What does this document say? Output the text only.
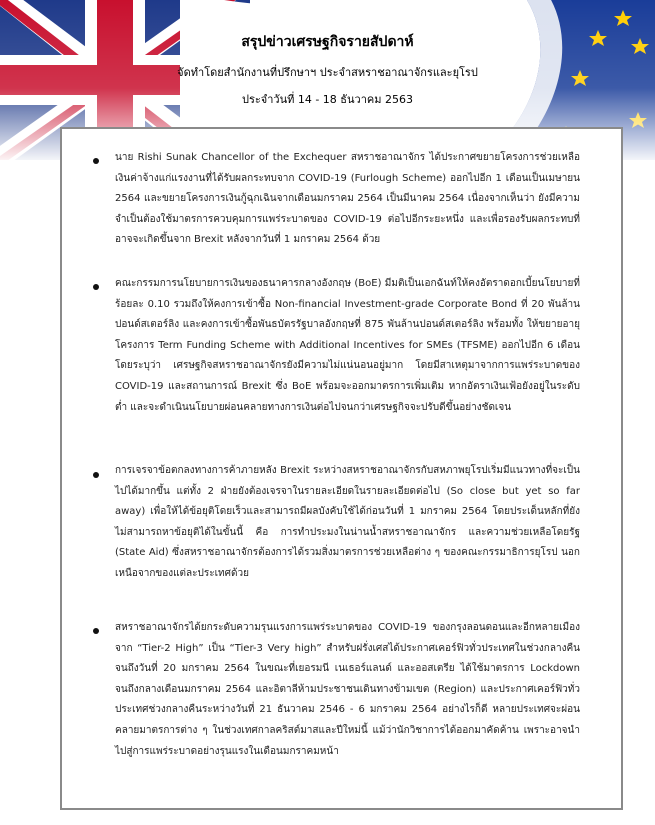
สรุปข่าวเศรษฐกิจรายสัปดาห์
จัดทำโดยสำนักงานที่ปรึกษาฯ ประจำสหราชอาณาจักรและยุโรป
ประจำวันที่ 14 - 18 ธันวาคม 2563

นาย Rishi Sunak Chancellor of the Exchequer สหราชอาณาจักร ได้ประกาศขยายโครงการช่วยเหลือเงินค่าจ้างแก่แรงงานที่ได้รับผลกระทบจาก COVID-19 (Furlough Scheme) ออกไปอีก 1 เดือนเป็นเมษายน 2564 และขยายโครงการเงินกู้ฉุกเฉินจากเดือนมกราคม 2564 เป็นมีนาคม 2564 เนื่องจากเห็นว่า ยังมีความจำเป็นต้องใช้มาตรการควบคุมการแพร่ระบาดของ COVID-19 ต่อไปอีกระยะหนึ่ง และเพื่อรองรับผลกระทบที่อาจจะเกิดขึ้นจาก Brexit หลังจากวันที่ 1 มกราคม 2564 ด้วย

คณะกรรมการนโยบายการเงินของธนาคารกลางอังกฤษ (BoE) มีมติเป็นเอกฉันท์ให้คงอัตราดอกเบี้ยนโยบายที่ร้อยละ 0.10 รวมถึงให้คงการเข้าซื้อ Non-financial Investment-grade Corporate Bond ที่ 20 พันล้านปอนด์สเตอร์ลิง และคงการเข้าซื้อพันธบัตรรัฐบาลอังกฤษที่ 875 พันล้านปอนด์สเตอร์ลิง พร้อมทั้ง ให้ขยายอายุโครงการ Term Funding Scheme with Additional Incentives for SMEs (TFSME) ออกไปอีก 6 เดือน โดยระบุว่า เศรษฐกิจสหราชอาณาจักรยังมีความไม่แน่นอนอยู่มาก โดยมีสาเหตุมาจากการแพร่ระบาดของ COVID-19 และสถานการณ์ Brexit ซึ่ง BoE พร้อมจะออกมาตรการเพิ่มเติม หากอัตราเงินเฟ้อยังอยู่ในระดับต่ำ และจะดำเนินนโยบายผ่อนคลายทางการเงินต่อไปจนกว่าเศรษฐกิจจะปรับดีขึ้นอย่างชัดเจน

การเจรจาข้อตกลงทางการค้าภายหลัง Brexit ระหว่างสหราชอาณาจักรกับสหภาพยุโรปเริ่มมีแนวทางที่จะเป็นไปได้มากขึ้น แต่ทั้ง 2 ฝ่ายยังต้องเจรจาในรายละเอียดในรายละเอียดต่อไป (So close but yet so far away) เพื่อให้ได้ข้อยุติโดยเร็วและสามารถมีผลบังคับใช้ได้ก่อนวันที่ 1 มกราคม 2564 โดยประเด็นหลักที่ยังไม่สามารถหาข้อยุติได้ในขั้นนี้ คือ การทำประมงในน่านน้ำสหราชอาณาจักร และความช่วยเหลือโดยรัฐ (State Aid) ซึ่งสหราชอาณาจักรต้องการได้รวมสิ่งมาตรการช่วยเหลือต่าง ๆ ของคณะกรรมาธิการยุโรป นอกเหนือจากของแต่ละประเทศด้วย

สหราชอาณาจักรได้ยกระดับความรุนแรงการแพร่ระบาดของ COVID-19 ของกรุงลอนดอนและอีกหลายเมืองจาก “Tier-2 High” เป็น “Tier-3 Very high” สำหรับฝรั่งเศสได้ประกาศเคอร์ฟิวทั่วประเทศในช่วงกลางคืนจนถึงวันที่ 20 มกราคม 2564 ในขณะที่เยอรมนี เนเธอร์แลนด์ และออสเตรีย ได้ใช้มาตรการ Lockdown จนถึงกลางเดือนมกราคม 2564 และอิตาลีห้ามประชาชนเดินทางข้ามเขต (Region) และประกาศเคอร์ฟิวทั่วประเทศช่วงกลางคืนระหว่างวันที่ 21 ธันวาคม 2546 - 6 มกราคม 2564 อย่างไรก็ดี หลายประเทศจะผ่อนคลายมาตรการต่าง ๆ ในช่วงเทศกาลคริสต์มาสและปีใหม่นี้ แม้ว่านักวิชาการได้ออกมาคัดค้าน เพราะอาจนำไปสู่การแพร่ระบาดอย่างรุนแรงในเดือนมกราคมหน้า
